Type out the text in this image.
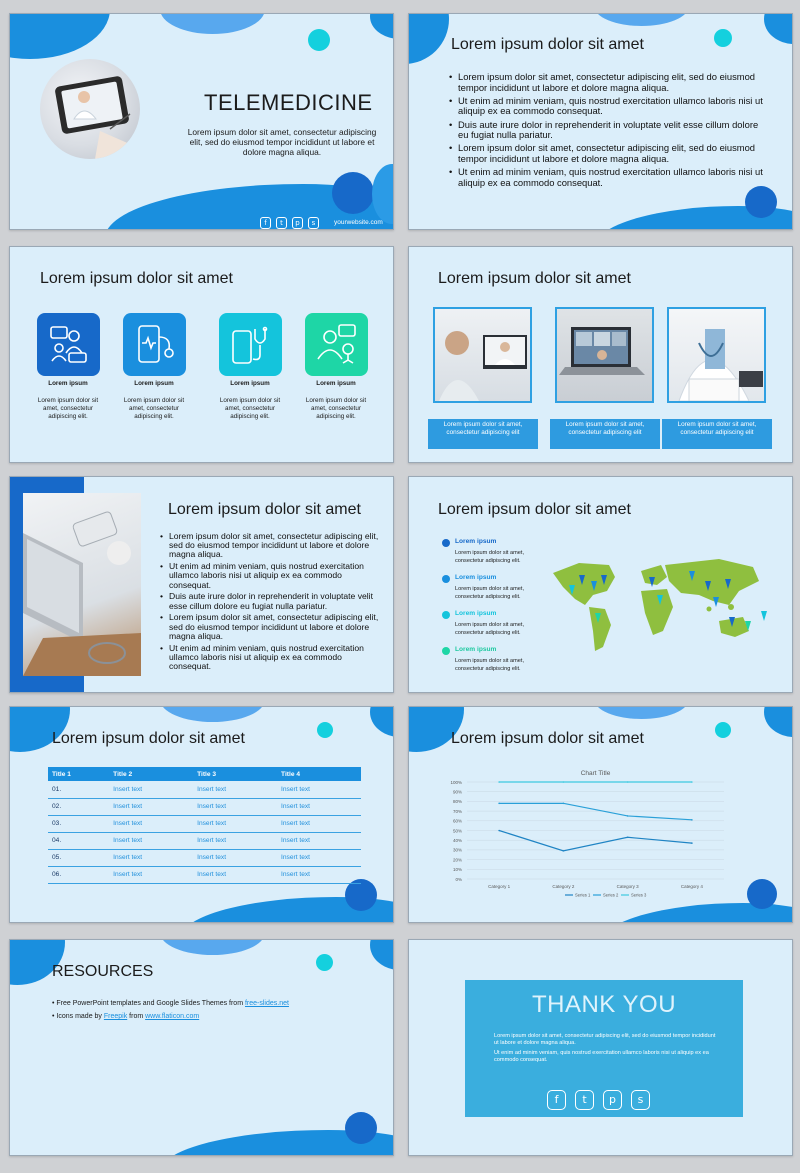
TELEMEDICINE
Lorem ipsum dolor sit amet, consectetur adipiscing elit, sed do eiusmod tempor incididunt ut labore et dolore magna aliqua.
f	t	p	s	yourwebsite.com
Lorem ipsum dolor sit amet
• Lorem ipsum dolor sit amet, consectetur adipiscing elit, sed do eiusmod tempor incididunt ut labore et dolore magna aliqua.
• Ut enim ad minim veniam, quis nostrud exercitation ullamco laboris nisi ut aliquip ex ea commodo consequat.
• Duis aute irure dolor in reprehenderit in voluptate velit esse cillum dolore eu fugiat nulla pariatur.
• Lorem ipsum dolor sit amet, consectetur adipiscing elit, sed do eiusmod tempor incididunt ut labore et dolore magna aliqua.
• Ut enim ad minim veniam, quis nostrud exercitation ullamco laboris nisi ut aliquip ex ea commodo consequat.
Lorem ipsum dolor sit amet
Lorem ipsum	Lorem ipsum	Lorem ipsum	Lorem ipsum
Lorem ipsum dolor sit amet, consectetur adipiscing elit.
Lorem ipsum dolor sit amet, consectetur adipiscing elit.
Lorem ipsum dolor sit amet, consectetur adipiscing elit.
Lorem ipsum dolor sit amet, consectetur adipiscing elit.
Lorem ipsum dolor sit amet
Lorem ipsum dolor sit amet, consectetur adipiscing elit
Lorem ipsum dolor sit amet, consectetur adipiscing elit
Lorem ipsum dolor sit amet, consectetur adipiscing elit
Lorem ipsum dolor sit amet
• Lorem ipsum dolor sit amet, consectetur adipiscing elit, sed do eiusmod tempor incididunt ut labore et dolore magna aliqua.
• Ut enim ad minim veniam, quis nostrud exercitation ullamco laboris nisi ut aliquip ex ea commodo consequat.
• Duis aute irure dolor in reprehenderit in voluptate velit esse cillum dolore eu fugiat nulla pariatur.
• Lorem ipsum dolor sit amet, consectetur adipiscing elit, sed do eiusmod tempor incididunt ut labore et dolore magna aliqua.
• Ut enim ad minim veniam, quis nostrud exercitation ullamco laboris nisi ut aliquip ex ea commodo consequat.
Lorem ipsum dolor sit amet
Lorem ipsum
Lorem ipsum dolor sit amet, consectetur adipiscing elit.
Lorem ipsum
Lorem ipsum dolor sit amet, consectetur adipiscing elit.
Lorem ipsum
Lorem ipsum dolor sit amet, consectetur adipiscing elit.
Lorem ipsum
Lorem ipsum dolor sit amet, consectetur adipiscing elit.
Lorem ipsum dolor sit amet
Title 1	Title 2	Title 3	Title 4
01.	Insert text	Insert text	Insert text
02.	Insert text	Insert text	Insert text
03.	Insert text	Insert text	Insert text
04.	Insert text	Insert text	Insert text
05.	Insert text	Insert text	Insert text
06.	Insert text	Insert text	Insert text
Lorem ipsum dolor sit amet
Chart Title
0%
10%
20%
30%
40%
50%
60%
70%
80%
90%
100%
Category 1	Category 2	Category 3	Category 4
Series 1	Series 2	Series 3
RESOURCES
• Free PowerPoint templates and Google Slides Themes from free-slides.net
• Icons made by Freepik from www.flaticon.com	THANK YOU
Lorem ipsum dolor sit amet, consectetur adipiscing elit, sed do eiusmod tempor incididunt ut labore et dolore magna aliqua.
Ut enim ad minim veniam, quis nostrud exercitation ullamco laboris nisi ut aliquip ex ea commodo consequat.
f	t	p	s
